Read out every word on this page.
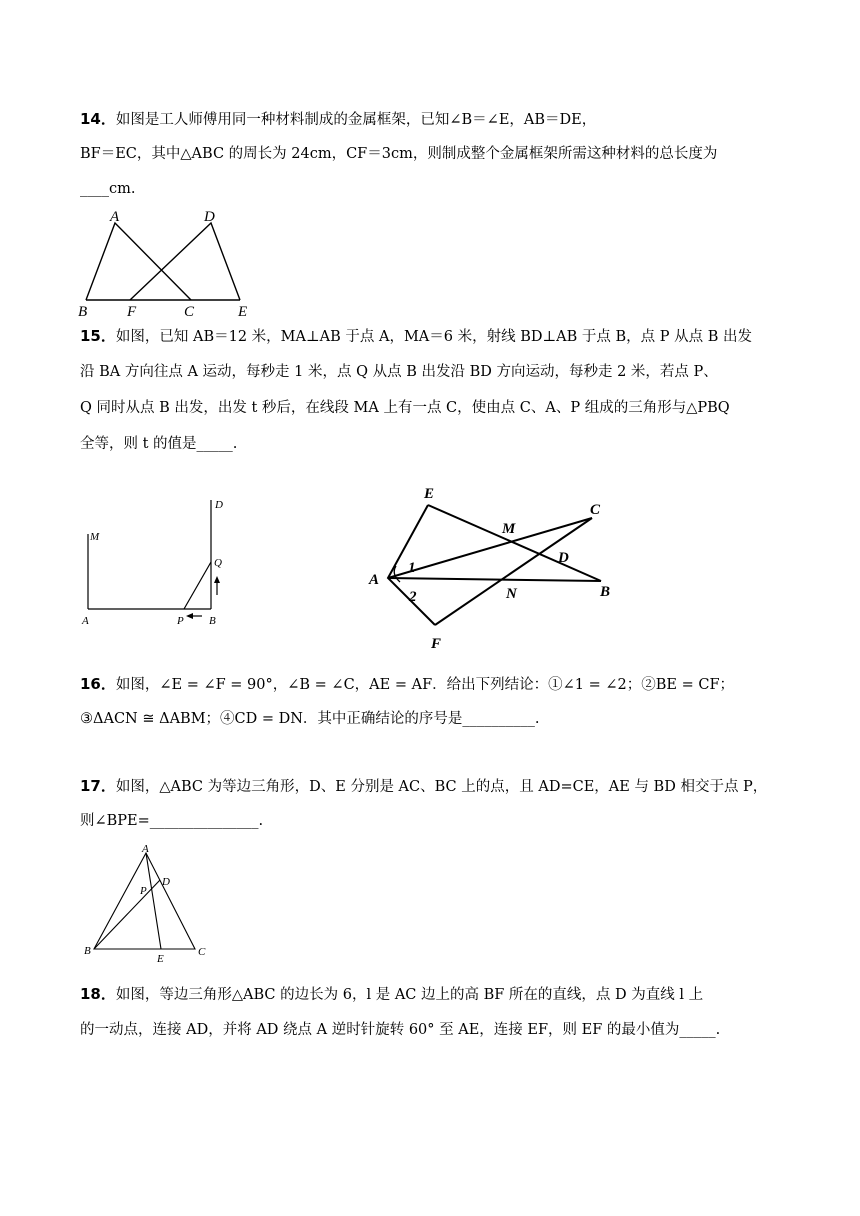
14．如图是工人师傅用同一种材料制成的金属框架，已知∠B＝∠E，AB＝DE，
BF＝EC，其中△ABC 的周长为 24cm，CF＝3cm，则制成整个金属框架所需这种材料的总长度为
____cm.
A	D
B	F	C	E
15．如图，已知 AB＝12 米，MA⊥AB 于点 A，MA＝6 米，射线 BD⊥AB 于点 B，点 P 从点 B 出发
沿 BA 方向往点 A 运动，每秒走 1 米，点 Q 从点 B 出发沿 BD 方向运动，每秒走 2 米，若点 P、
Q 同时从点 B 出发，出发 t 秒后，在线段 MA 上有一点 C，使由点 C、A、P 组成的三角形与△PBQ
全等，则 t 的值是_____.
D
M
Q
A	P B
E
C
M
1
D
A
2	N	B
F
16．如图，∠E = ∠F = 90°，∠B = ∠C，AE = AF．给出下列结论：①∠1 = ∠2；②BE = CF；
③ΔACN ≅ ΔABM；④CD = DN．其中正确结论的序号是__________.
17．如图，△ABC 为等边三角形，D、E 分别是 AC、BC 上的点，且 AD=CE，AE 与 BD 相交于点 P，
则∠BPE=_______________.
A
P
D
B
E
C
18．如图，等边三角形△ABC 的边长为 6，l 是 AC 边上的高 BF 所在的直线，点 D 为直线 l 上
的一动点，连接 AD，并将 AD 绕点 A 逆时针旋转 60° 至 AE，连接 EF，则 EF 的最小值为_____.
